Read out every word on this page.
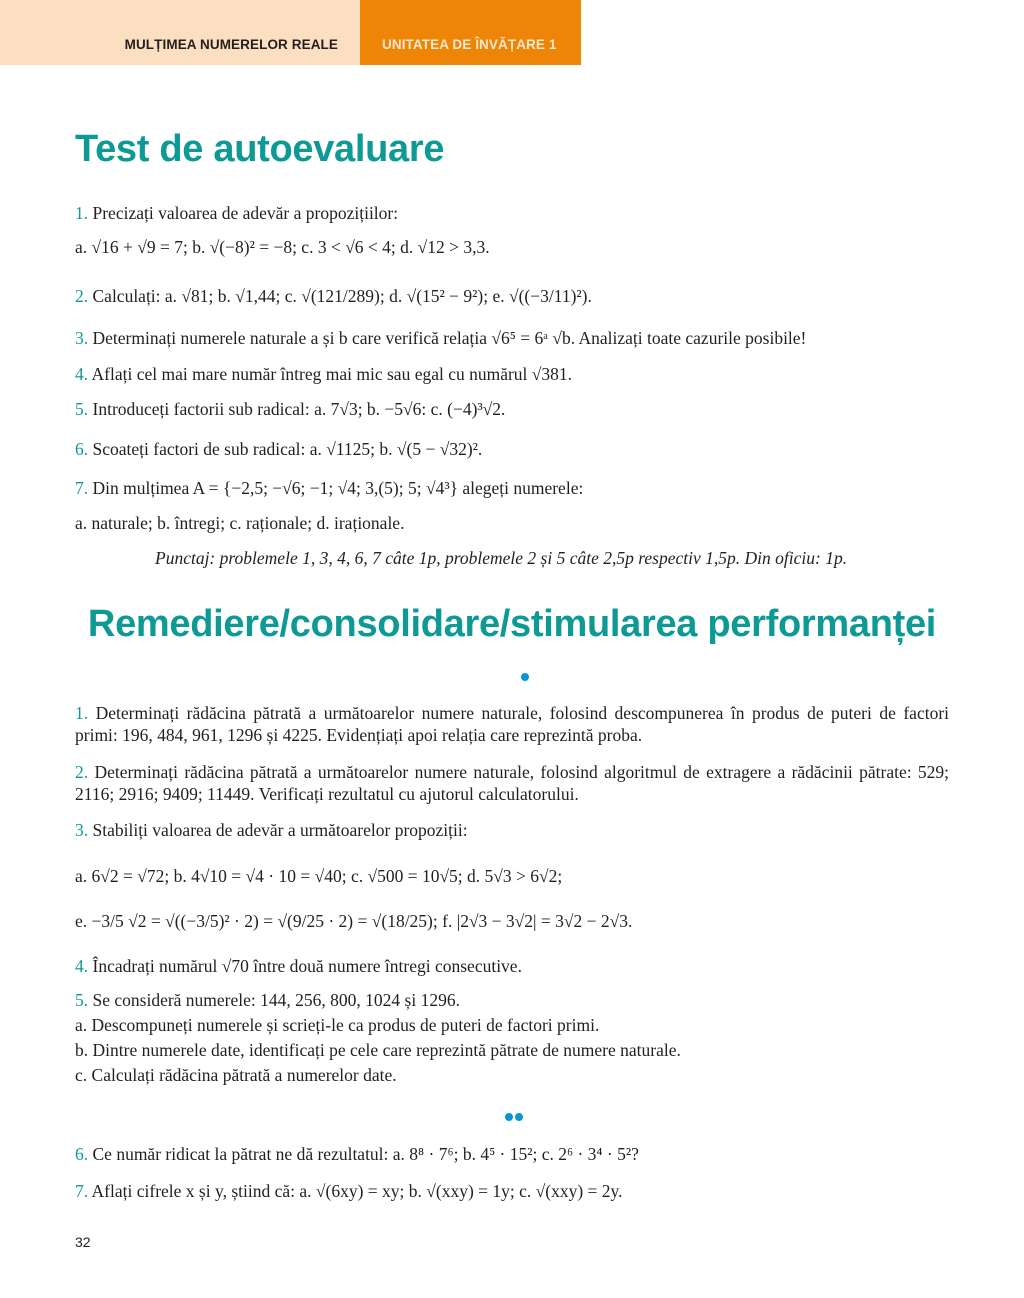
MULȚIMEA NUMERELOR REALE	UNITATEA DE ÎNVĂȚARE 1
Test de autoevaluare
1. Precizați valoarea de adevăr a propozițiilor:
a. √16 + √9 = 7; b. √(−8)² = −8; c. 3 < √6 < 4; d. √12 > 3,3.
2. Calculați: a. √81; b. √1,44; c. √(121/289); d. √(15² − 9²); e. √((−3/11)²).
3. Determinați numerele naturale a și b care verifică relația √6⁵ = 6ᵃ √b. Analizați toate cazurile posibile!
4. Aflați cel mai mare număr întreg mai mic sau egal cu numărul √381.
5. Introduceți factorii sub radical: a. 7√3; b. −5√6: c. (−4)³√2.
6. Scoateți factori de sub radical: a. √1125; b. √(5 − √32)².
7. Din mulțimea A = {−2,5; −√6; −1; √4; 3,(5); 5; √4³} alegeți numerele:
a. naturale; b. întregi; c. raționale; d. iraționale.
Punctaj: problemele 1, 3, 4, 6, 7 câte 1p, problemele 2 și 5 câte 2,5p respectiv 1,5p. Din oficiu: 1p.
Remediere/consolidare/stimularea performanței
1. Determinați rădăcina pătrată a următoarelor numere naturale, folosind descompunerea în produs de puteri de factori primi: 196, 484, 961, 1296 și 4225. Evidențiați apoi relația care reprezintă proba.
2. Determinați rădăcina pătrată a următoarelor numere naturale, folosind algoritmul de extragere a rădăcinii pătrate: 529; 2116; 2916; 9409; 11449. Verificați rezultatul cu ajutorul calculatorului.
3. Stabiliți valoarea de adevăr a următoarelor propoziții:
a. 6√2 = √72; b. 4√10 = √4 · 10 = √40; c. √500 = 10√5; d. 5√3 > 6√2;
e. −3/5 √2 = √((−3/5)² · 2) = √(9/25 · 2) = √(18/25); f. |2√3 − 3√2| = 3√2 − 2√3.
4. Încadrați numărul √70 între două numere întregi consecutive.
5. Se consideră numerele: 144, 256, 800, 1024 și 1296.
a. Descompuneți numerele și scrieți-le ca produs de puteri de factori primi.
b. Dintre numerele date, identificați pe cele care reprezintă pătrate de numere naturale.
c. Calculați rădăcina pătrată a numerelor date.
6. Ce număr ridicat la pătrat ne dă rezultatul: a. 8⁸ · 7⁶; b. 4⁵ · 15²; c. 2⁶ · 3⁴ · 5²?
7. Aflați cifrele x și y, știind că: a. √(6xy) = xy; b. √(xxy) = 1y; c. √(xxy) = 2y.
32
